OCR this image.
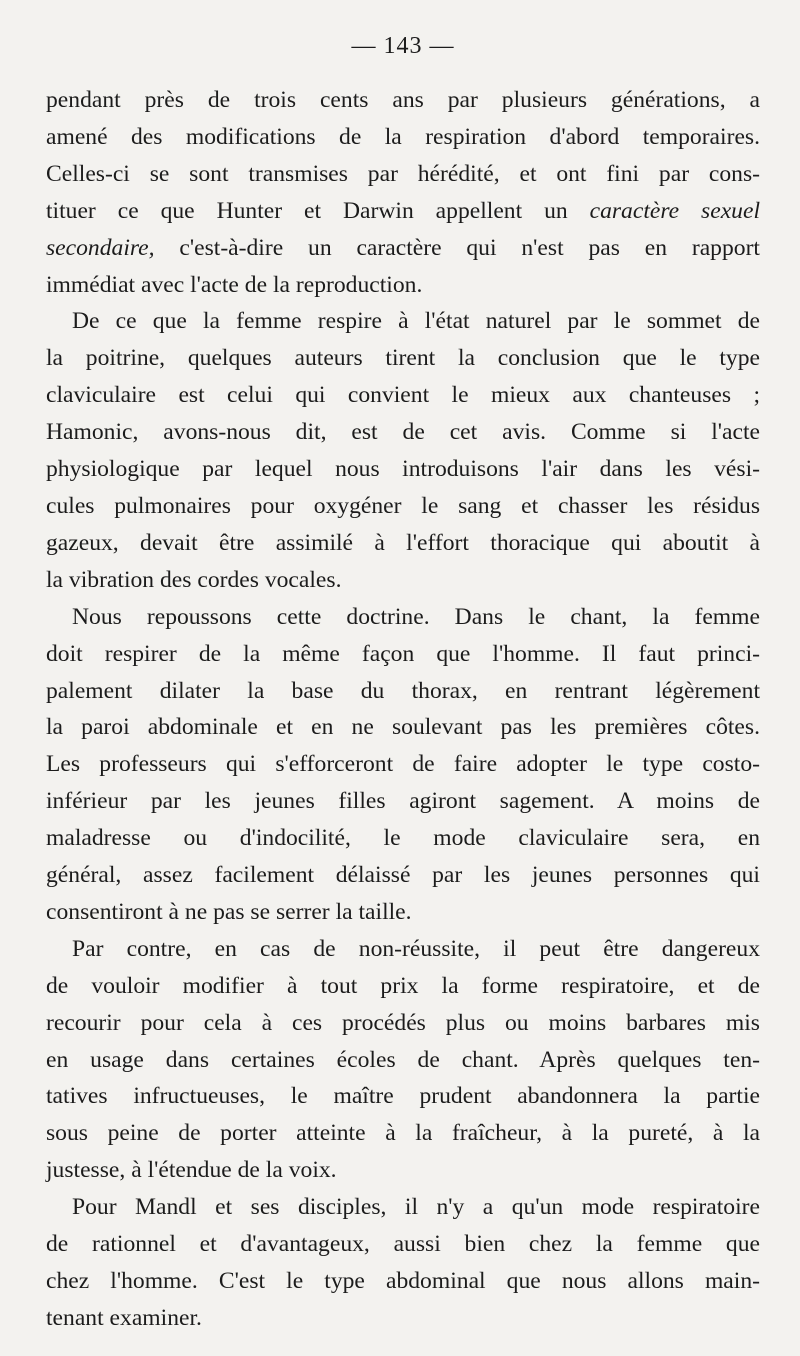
— 143 —

pendant près de trois cents ans par plusieurs générations, a
amené des modifications de la respiration d'abord temporaires.
Celles-ci se sont transmises par hérédité, et ont fini par cons-
tituer ce que Hunter et Darwin appellent un caractère sexuel
secondaire, c'est-à-dire un caractère qui n'est pas en rapport
immédiat avec l'acte de la reproduction.

De ce que la femme respire à l'état naturel par le sommet de
la poitrine, quelques auteurs tirent la conclusion que le type
claviculaire est celui qui convient le mieux aux chanteuses ;
Hamonic, avons-nous dit, est de cet avis. Comme si l'acte
physiologique par lequel nous introduisons l'air dans les vési-
cules pulmonaires pour oxygéner le sang et chasser les résidus
gazeux, devait être assimilé à l'effort thoracique qui aboutit à
la vibration des cordes vocales.

Nous repoussons cette doctrine. Dans le chant, la femme
doit respirer de la même façon que l'homme. Il faut princi-
palement dilater la base du thorax, en rentrant légèrement
la paroi abdominale et en ne soulevant pas les premières côtes.
Les professeurs qui s'efforceront de faire adopter le type costo-
inférieur par les jeunes filles agiront sagement. A moins de
maladresse ou d'indocilité, le mode claviculaire sera, en
général, assez facilement délaissé par les jeunes personnes qui
consentiront à ne pas se serrer la taille.

Par contre, en cas de non-réussite, il peut être dangereux
de vouloir modifier à tout prix la forme respiratoire, et de
recourir pour cela à ces procédés plus ou moins barbares mis
en usage dans certaines écoles de chant. Après quelques ten-
tatives infructueuses, le maître prudent abandonnera la partie
sous peine de porter atteinte à la fraîcheur, à la pureté, à la
justesse, à l'étendue de la voix.

Pour Mandl et ses disciples, il n'y a qu'un mode respiratoire
de rationnel et d'avantageux, aussi bien chez la femme que
chez l'homme. C'est le type abdominal que nous allons main-
tenant examiner.
